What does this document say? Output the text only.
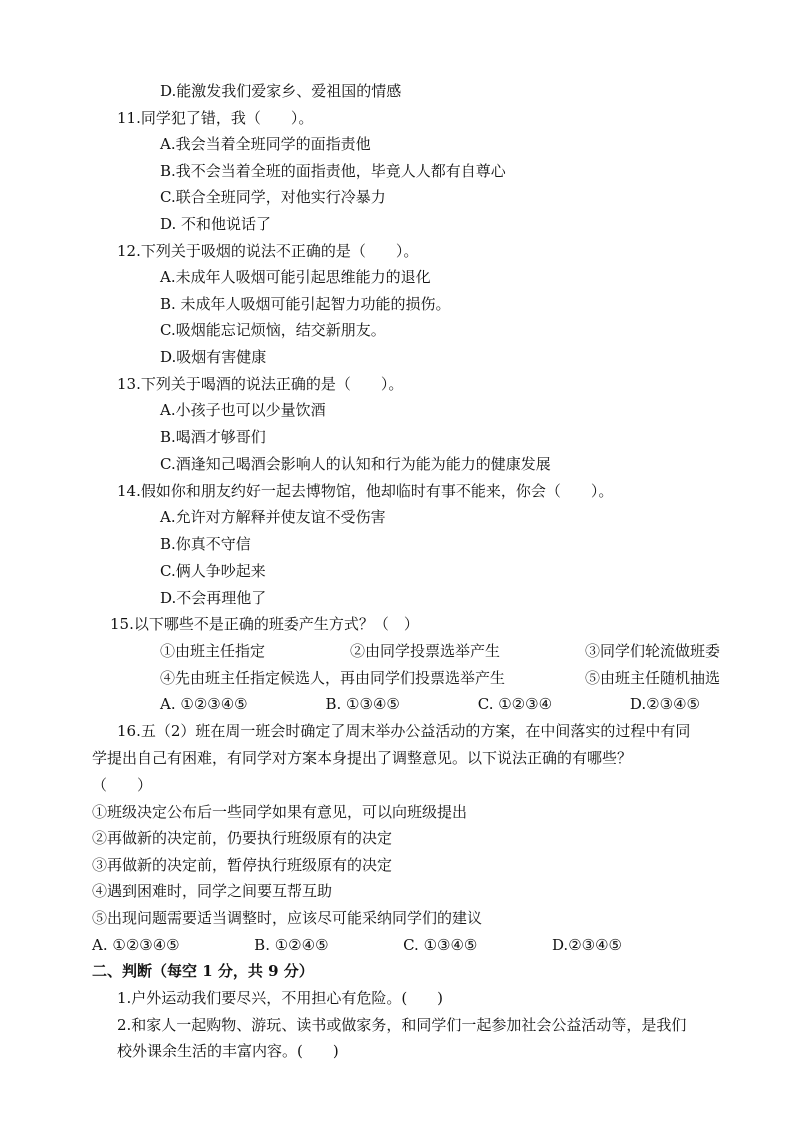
D.能激发我们爱家乡、爱祖国的情感
11.同学犯了错，我（　　）。
A.我会当着全班同学的面指责他
B.我不会当着全班的面指责他，毕竟人人都有自尊心
C.联合全班同学，对他实行冷暴力
D. 不和他说话了
12.下列关于吸烟的说法不正确的是（　　）。
A.未成年人吸烟可能引起思维能力的退化
B. 未成年人吸烟可能引起智力功能的损伤。
C.吸烟能忘记烦恼，结交新朋友。
D.吸烟有害健康
13.下列关于喝酒的说法正确的是（　　）。
A.小孩子也可以少量饮酒
B.喝酒才够哥们
C.酒逢知己喝酒会影响人的认知和行为能为能力的健康发展
14.假如你和朋友约好一起去博物馆，他却临时有事不能来，你会（　　）。
A.允许对方解释并使友谊不受伤害
B.你真不守信
C.俩人争吵起来
D.不会再理他了
15.以下哪些不是正确的班委产生方式？（　）
①由班主任指定	②由同学投票选举产生	③同学们轮流做班委
④先由班主任指定候选人，再由同学们投票选举产生	⑤由班主任随机抽选
A. ①②③④⑤	B. ①③④⑤	C. ①②③④	D.②③④⑤
16.五（2）班在周一班会时确定了周末举办公益活动的方案，在中间落实的过程中有同
学提出自己有困难，有同学对方案本身提出了调整意见。以下说法正确的有哪些？
（　　）
①班级决定公布后一些同学如果有意见，可以向班级提出
②再做新的决定前，仍要执行班级原有的决定
③再做新的决定前，暂停执行班级原有的决定
④遇到困难时，同学之间要互帮互助
⑤出现问题需要适当调整时，应该尽可能采纳同学们的建议
A. ①②③④⑤	B. ①②④⑤	C. ①③④⑤	D.②③④⑤
二、判断（每空 1 分，共 9 分）
1.户外运动我们要尽兴，不用担心有危险。(　　)
2.和家人一起购物、游玩、读书或做家务，和同学们一起参加社会公益活动等，是我们
校外课余生活的丰富内容。(　　)
